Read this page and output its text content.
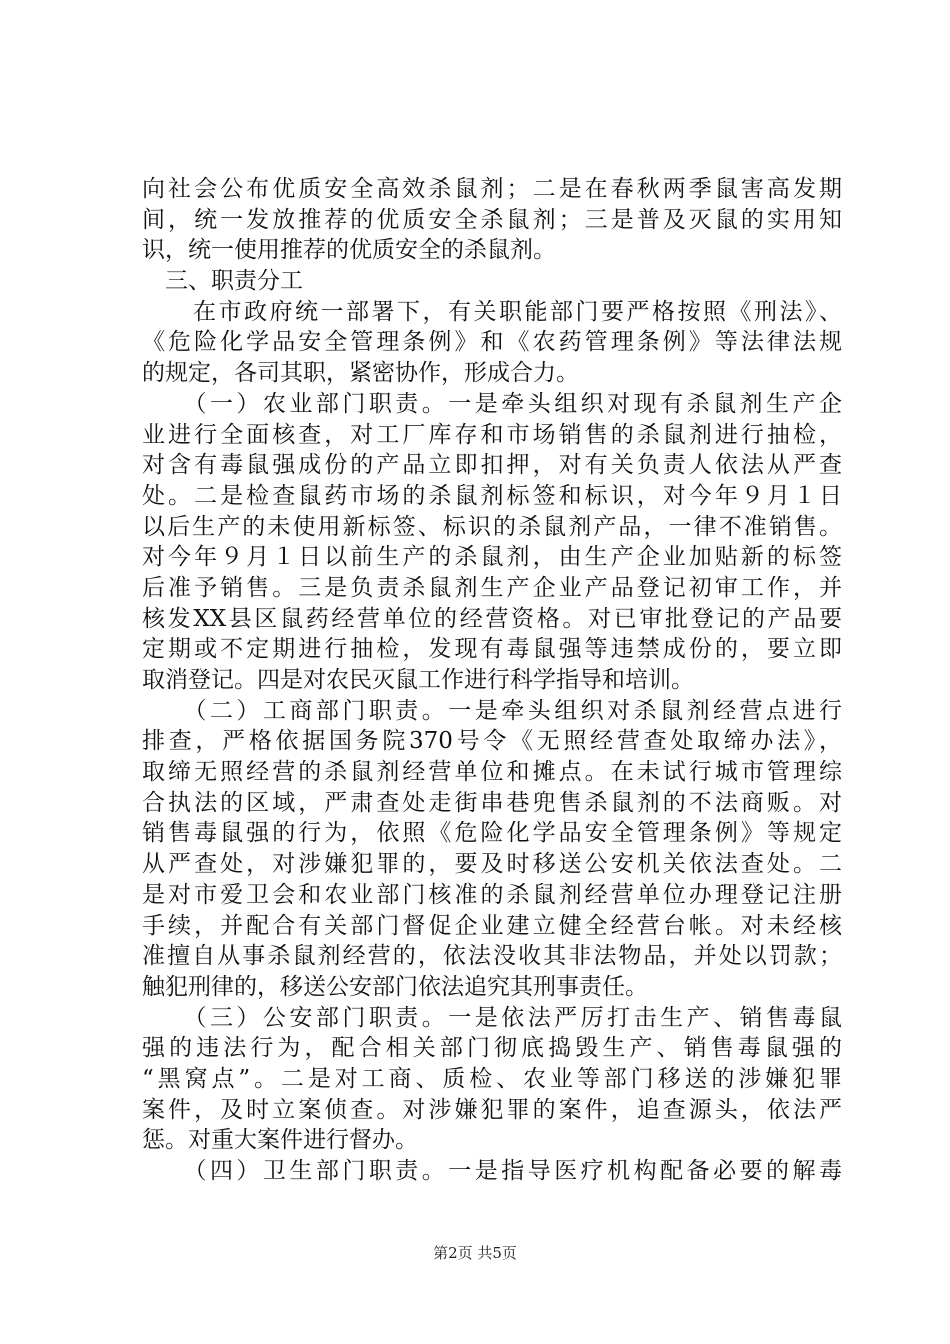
向社会公布优质安全高效杀鼠剂；二是在春秋两季鼠害高发期
间，统一发放推荐的优质安全杀鼠剂；三是普及灭鼠的实用知
识，统一使用推荐的优质安全的杀鼠剂。
　三、职责分工
　　在市政府统一部署下，有关职能部门要严格按照《刑法》、
《危险化学品安全管理条例》和《农药管理条例》等法律法规
的规定，各司其职，紧密协作，形成合力。
　　（一）农业部门职责。一是牵头组织对现有杀鼠剂生产企
业进行全面核查，对工厂库存和市场销售的杀鼠剂进行抽检，
对含有毒鼠强成份的产品立即扣押，对有关负责人依法从严查
处。二是检查鼠药市场的杀鼠剂标签和标识，对今年９月１日
以后生产的未使用新标签、标识的杀鼠剂产品，一律不准销售。
对今年９月１日以前生产的杀鼠剂，由生产企业加贴新的标签
后准予销售。三是负责杀鼠剂生产企业产品登记初审工作，并
核发XX县区鼠药经营单位的经营资格。对已审批登记的产品要
定期或不定期进行抽检，发现有毒鼠强等违禁成份的，要立即
取消登记。四是对农民灭鼠工作进行科学指导和培训。
　　（二）工商部门职责。一是牵头组织对杀鼠剂经营点进行
排查，严格依据国务院370号令《无照经营查处取缔办法》，
取缔无照经营的杀鼠剂经营单位和摊点。在未试行城市管理综
合执法的区域，严肃查处走街串巷兜售杀鼠剂的不法商贩。对
销售毒鼠强的行为，依照《危险化学品安全管理条例》等规定
从严查处，对涉嫌犯罪的，要及时移送公安机关依法查处。二
是对市爱卫会和农业部门核准的杀鼠剂经营单位办理登记注册
手续，并配合有关部门督促企业建立健全经营台帐。对未经核
准擅自从事杀鼠剂经营的，依法没收其非法物品，并处以罚款；
触犯刑律的，移送公安部门依法追究其刑事责任。
　　（三）公安部门职责。一是依法严厉打击生产、销售毒鼠
强的违法行为，配合相关部门彻底捣毁生产、销售毒鼠强的
“黑窝点”。二是对工商、质检、农业等部门移送的涉嫌犯罪
案件，及时立案侦查。对涉嫌犯罪的案件，追查源头，依法严
惩。对重大案件进行督办。
　　（四）卫生部门职责。一是指导医疗机构配备必要的解毒
第2页 共5页
